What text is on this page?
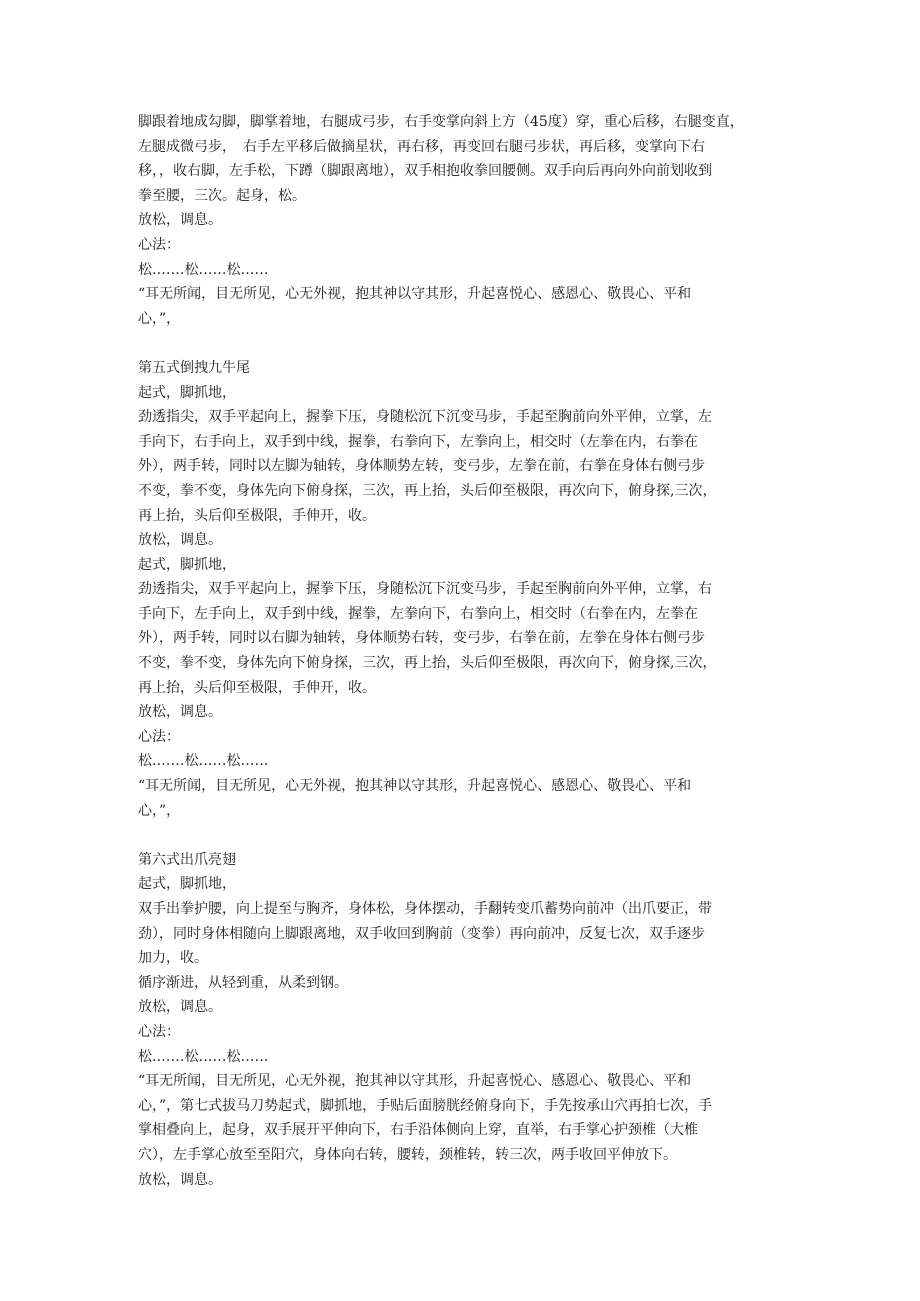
脚跟着地成勾脚，脚掌着地，右腿成弓步，右手变掌向斜上方（45度）穿，重心后移，右腿变直，
左腿成微弓步，　右手左平移后做摘星状，再右移，再变回右腿弓步状，再后移，变掌向下右
移，，收右脚，左手松，下蹲（脚跟离地），双手相抱收拳回腰侧。双手向后再向外向前划收到
拳至腰，三次。起身，松。
放松，调息。
心法：
松.……松……松……
“耳无所闻，目无所见，心无外视，抱其神以守其形，升起喜悦心、感恩心、敬畏心、平和
心，”，
第五式倒拽九牛尾
起式，脚抓地，
劲透指尖，双手平起向上，握拳下压，身随松沉下沉变马步，手起至胸前向外平伸，立掌，左
手向下，右手向上，双手到中线，握拳，右拳向下，左拳向上，相交时（左拳在内，右拳在
外），两手转，同时以左脚为轴转，身体顺势左转，变弓步，左拳在前，右拳在身体右侧弓步
不变，拳不变，身体先向下俯身探，三次，再上抬，头后仰至极限，再次向下，俯身探,三次，
再上抬，头后仰至极限，手伸开，收。
放松，调息。
起式，脚抓地，
劲透指尖，双手平起向上，握拳下压，身随松沉下沉变马步，手起至胸前向外平伸，立掌，右
手向下，左手向上，双手到中线，握拳，左拳向下，右拳向上，相交时（右拳在内，左拳在
外），两手转，同时以右脚为轴转，身体顺势右转，变弓步，右拳在前，左拳在身体右侧弓步
不变，拳不变，身体先向下俯身探，三次，再上抬，头后仰至极限，再次向下，俯身探,三次，
再上抬，头后仰至极限，手伸开，收。
放松，调息。
心法：
松.……松……松……
“耳无所闻，目无所见，心无外视，抱其神以守其形，升起喜悦心、感恩心、敬畏心、平和
心，”，
第六式出爪亮翅
起式，脚抓地，
双手出拳护腰，向上提至与胸齐，身体松，身体摆动，手翻转变爪蓄势向前冲（出爪要正，带
劲），同时身体相随向上脚跟离地，双手收回到胸前（变拳）再向前冲，反复七次，双手逐步
加力，收。
循序渐进，从轻到重，从柔到钢。
放松，调息。
心法：
松.……松……松……
“耳无所闻，目无所见，心无外视，抱其神以守其形，升起喜悦心、感恩心、敬畏心、平和
心，”，第七式拔马刀势起式，脚抓地，手贴后面膀胱经俯身向下，手先按承山穴再拍七次，手
掌相叠向上，起身，双手展开平伸向下，右手沿体侧向上穿，直举，右手掌心护颈椎（大椎
穴），左手掌心放至至阳穴，身体向右转，腰转，颈椎转，转三次，两手收回平伸放下。
放松，调息。
